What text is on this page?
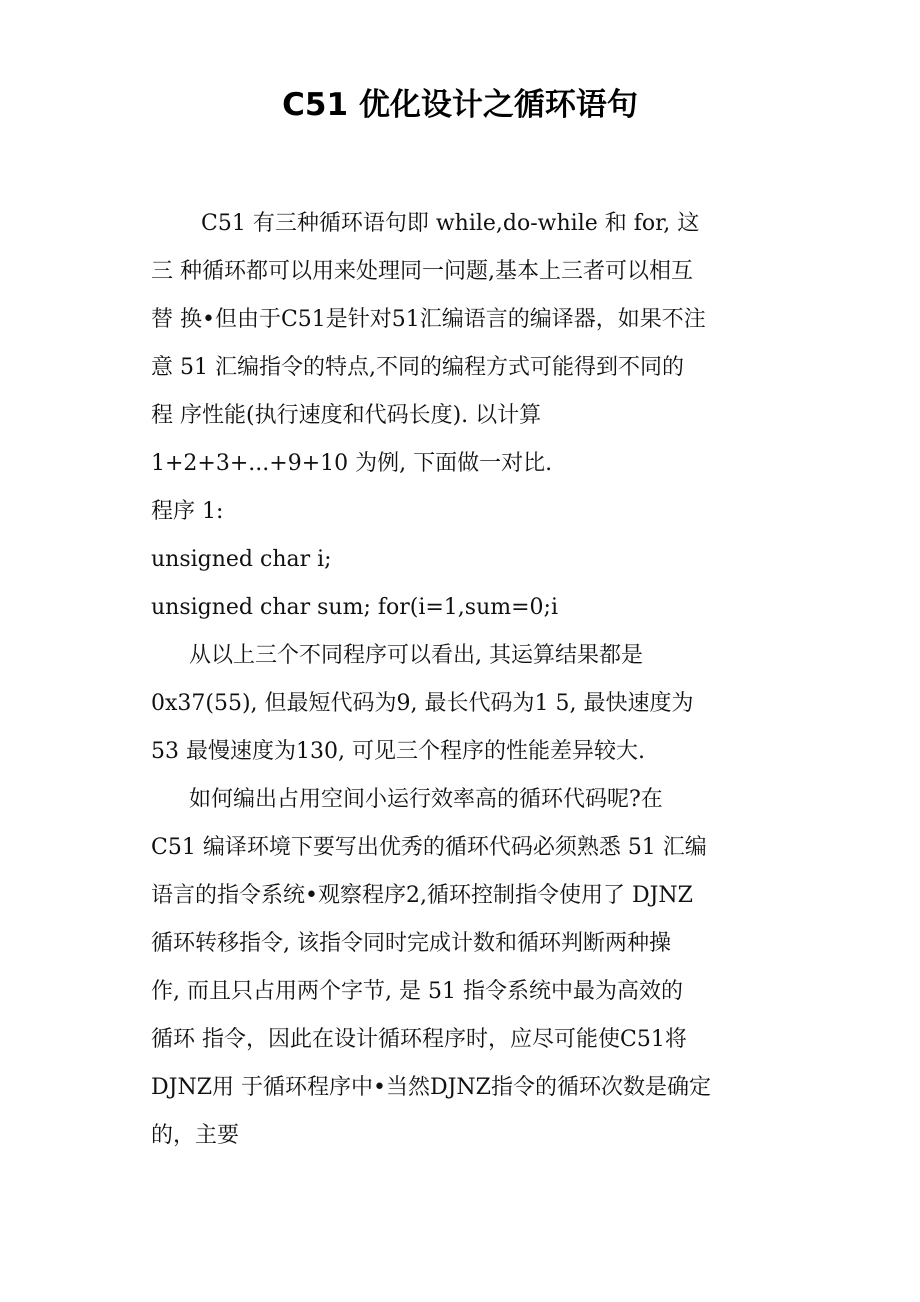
C51 优化设计之循环语句
C51 有三种循环语句即 while,do-while 和 for, 这
三 种循环都可以用来处理同一问题,基本上三者可以相互
替 换•但由于C51是针对51汇编语言的编译器，如果不注
意 51 汇编指令的特点,不同的编程方式可能得到不同的
程 序性能(执行速度和代码长度). 以计算
1+2+3+...+9+10 为例, 下面做一对比.
程序 1:
unsigned char i;
unsigned char sum; for(i=1,sum=0;i
从以上三个不同程序可以看出, 其运算结果都是
0x37(55), 但最短代码为9, 最长代码为1 5, 最快速度为
53 最慢速度为130, 可见三个程序的性能差异较大.
如何编出占用空间小运行效率高的循环代码呢?在
C51 编译环境下要写出优秀的循环代码必须熟悉 51 汇编
语言的指令系统•观察程序2,循环控制指令使用了 DJNZ
循环转移指令, 该指令同时完成计数和循环判断两种操
作, 而且只占用两个字节, 是 51 指令系统中最为高效的
循环 指令，因此在设计循环程序时，应尽可能使C51将
DJNZ用 于循环程序中•当然DJNZ指令的循环次数是确定
的，主要
